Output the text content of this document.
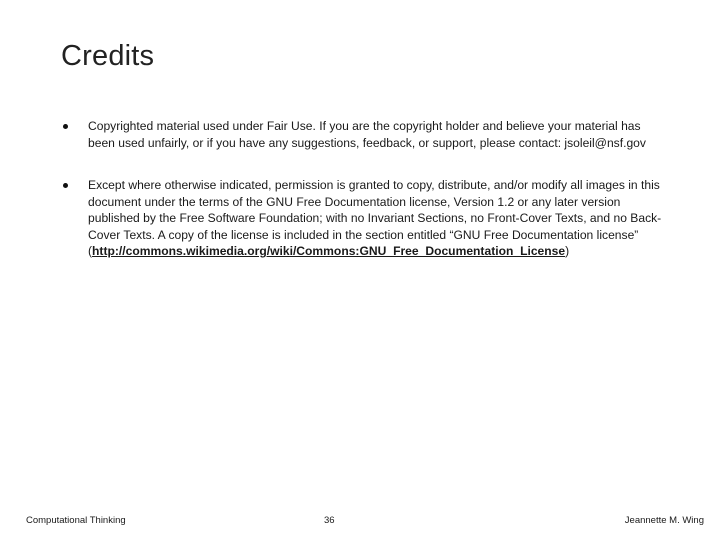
Credits
Copyrighted material used under Fair Use. If you are the copyright holder and believe your material has been used unfairly, or if you have any suggestions, feedback, or support, please contact: jsoleil@nsf.gov
Except where otherwise indicated, permission is granted to copy, distribute, and/or modify all images in this document under the terms of the GNU Free Documentation license, Version 1.2 or any later version published by the Free Software Foundation; with no Invariant Sections, no Front-Cover Texts, and no Back-Cover Texts. A copy of the license is included in the section entitled “GNU Free Documentation license” (http://commons.wikimedia.org/wiki/Commons:GNU_Free_Documentation_License)
Computational Thinking	36	Jeannette M. Wing
